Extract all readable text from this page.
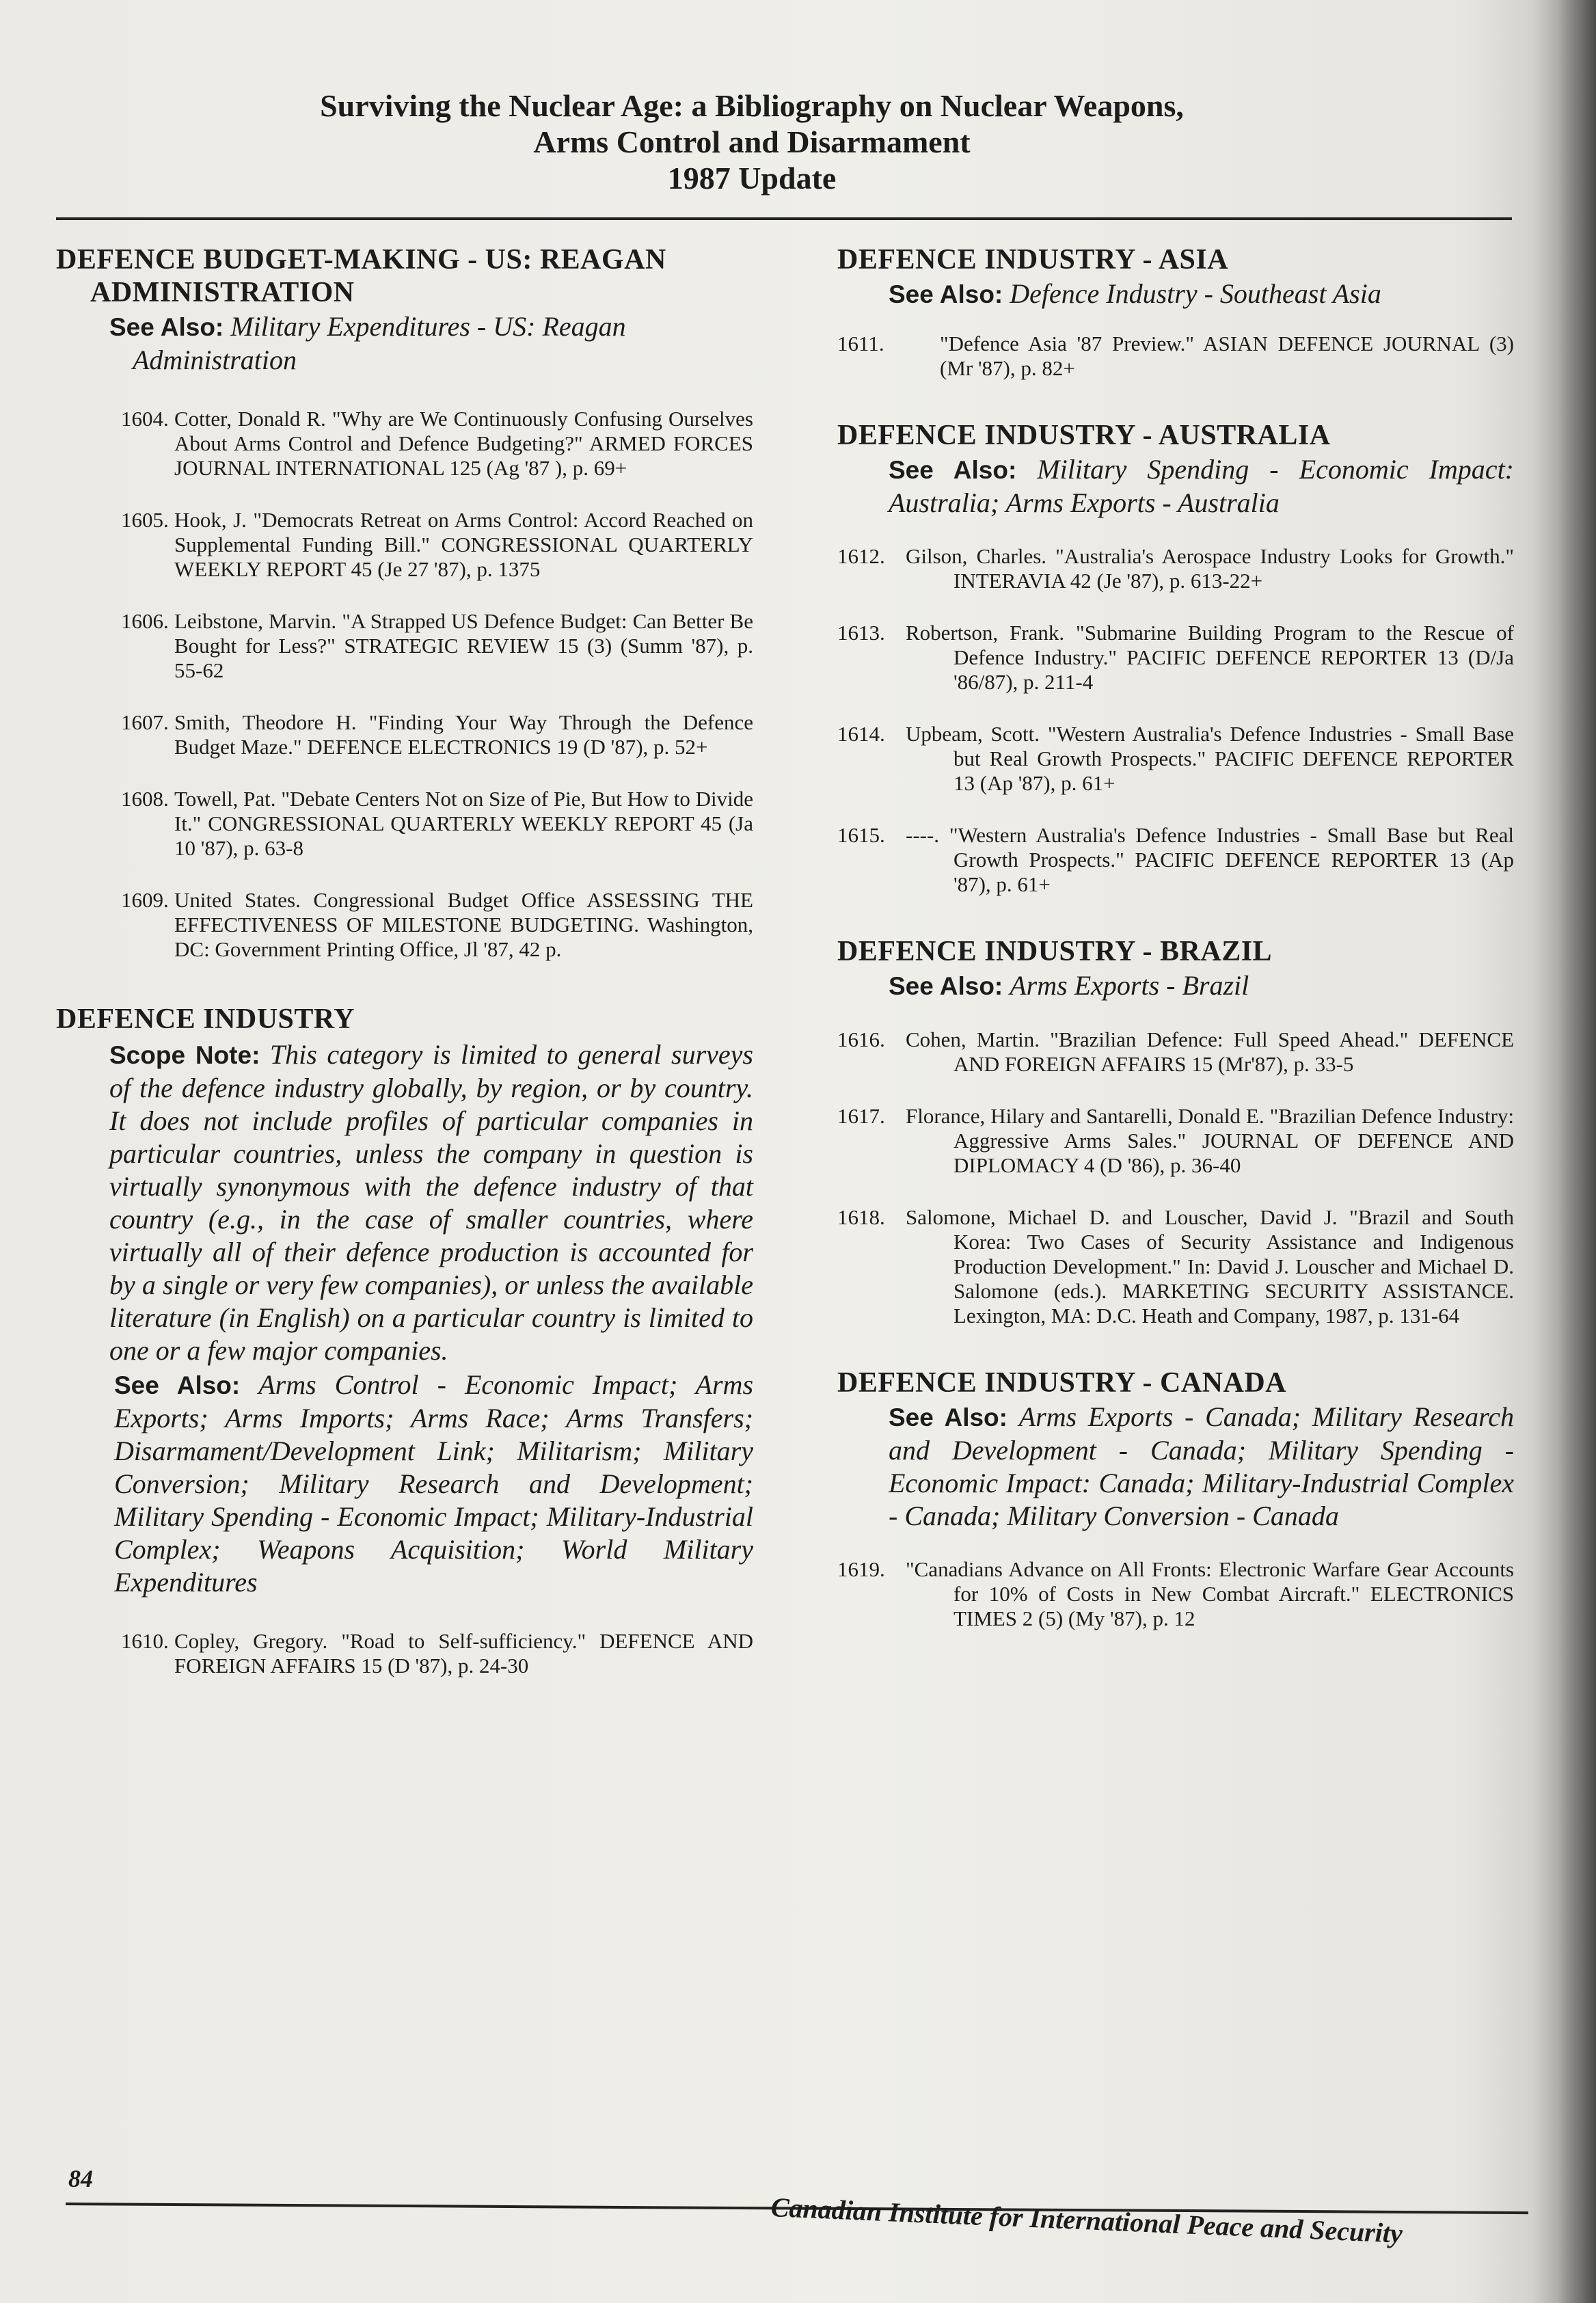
Surviving the Nuclear Age: a Bibliography on Nuclear Weapons,
Arms Control and Disarmament
1987 Update
DEFENCE BUDGET-MAKING - US: REAGAN
ADMINISTRATION
See Also: Military Expenditures - US: Reagan
Administration

1604. Cotter, Donald R. "Why are We Continuously Confusing Ourselves About Arms Control and Defence Budgeting?" ARMED FORCES JOURNAL INTERNATIONAL 125 (Ag '87 ), p. 69+

1605. Hook, J. "Democrats Retreat on Arms Control: Accord Reached on Supplemental Funding Bill." CONGRESSIONAL QUARTERLY WEEKLY REPORT 45 (Je 27 '87), p. 1375

1606. Leibstone, Marvin. "A Strapped US Defence Budget: Can Better Be Bought for Less?" STRATEGIC REVIEW 15 (3) (Summ '87), p. 55-62

1607. Smith, Theodore H. "Finding Your Way Through the Defence Budget Maze." DEFENCE ELECTRONICS 19 (D '87), p. 52+

1608. Towell, Pat. "Debate Centers Not on Size of Pie, But How to Divide It." CONGRESSIONAL QUARTERLY WEEKLY REPORT 45 (Ja 10 '87), p. 63-8

1609. United States. Congressional Budget Office ASSESSING THE EFFECTIVENESS OF MILESTONE BUDGETING. Washington, DC: Government Printing Office, Jl '87, 42 p.

DEFENCE INDUSTRY
Scope Note: This category is limited to general surveys of the defence industry globally, by region, or by country. It does not include profiles of particular companies in particular countries, unless the company in question is virtually synonymous with the defence industry of that country (e.g., in the case of smaller countries, where virtually all of their defence production is accounted for by a single or very few companies), or unless the available literature (in English) on a particular country is limited to one or a few major companies.
See Also: Arms Control - Economic Impact; Arms Exports; Arms Imports; Arms Race; Arms Transfers; Disarmament/Development Link; Militarism; Military Conversion; Military Research and Development; Military Spending - Economic Impact; Military-Industrial Complex; Weapons Acquisition; World Military Expenditures

1610. Copley, Gregory. "Road to Self-sufficiency." DEFENCE AND FOREIGN AFFAIRS 15 (D '87), p. 24-30

DEFENCE INDUSTRY - ASIA
See Also: Defence Industry - Southeast Asia

1611.	"Defence Asia '87 Preview." ASIAN DEFENCE JOURNAL (3) (Mr '87), p. 82+

DEFENCE INDUSTRY - AUSTRALIA
See Also: Military Spending - Economic Impact: Australia; Arms Exports - Australia

1612. Gilson, Charles. "Australia's Aerospace Industry Looks for Growth." INTERAVIA 42 (Je '87), p. 613-22+

1613. Robertson, Frank. "Submarine Building Program to the Rescue of Defence Industry." PACIFIC DEFENCE REPORTER 13 (D/Ja '86/87), p. 211-4

1614. Upbeam, Scott. "Western Australia's Defence Industries - Small Base but Real Growth Prospects." PACIFIC DEFENCE REPORTER 13 (Ap '87), p. 61+

1615. ----. "Western Australia's Defence Industries - Small Base but Real Growth Prospects." PACIFIC DEFENCE REPORTER 13 (Ap '87), p. 61+

DEFENCE INDUSTRY - BRAZIL
See Also: Arms Exports - Brazil

1616. Cohen, Martin. "Brazilian Defence: Full Speed Ahead." DEFENCE AND FOREIGN AFFAIRS 15 (Mr'87), p. 33-5

1617. Florance, Hilary and Santarelli, Donald E. "Brazilian Defence Industry: Aggressive Arms Sales." JOURNAL OF DEFENCE AND DIPLOMACY 4 (D '86), p. 36-40

1618. Salomone, Michael D. and Louscher, David J. "Brazil and South Korea: Two Cases of Security Assistance and Indigenous Production Development." In: David J. Louscher and Michael D. Salomone (eds.). MARKETING SECURITY ASSISTANCE. Lexington, MA: D.C. Heath and Company, 1987, p. 131-64

DEFENCE INDUSTRY - CANADA
See Also: Arms Exports - Canada; Military Research and Development - Canada; Military Spending - Economic Impact: Canada; Military-Industrial Complex - Canada; Military Conversion - Canada

1619. "Canadians Advance on All Fronts: Electronic Warfare Gear Accounts for 10% of Costs in New Combat Aircraft." ELECTRONICS TIMES 2 (5) (My '87), p. 12

84
Canadian Institute for International Peace and Security
